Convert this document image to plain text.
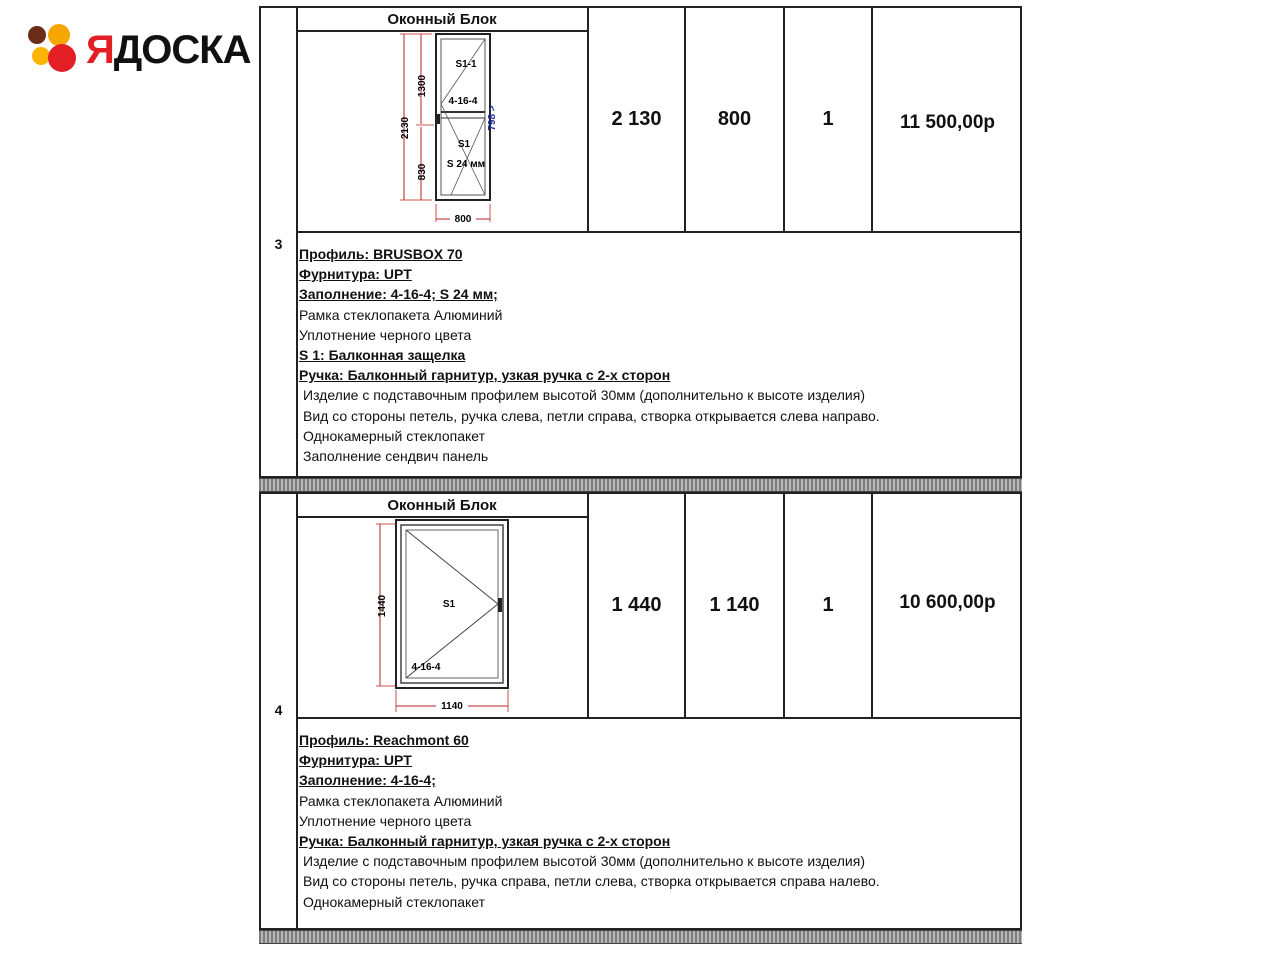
ЯДОСКА
3
Оконный Блок
2130
1300
830
S1-1
4-16-4
S1
S 24 мм
798 >
800
2 130	800	1	11 500,00р
Профиль: BRUSBOX 70
Фурнитура: UPT
Заполнение: 4-16-4; S 24 мм;
Рамка стеклопакета Алюминий
Уплотнение черного цвета
S 1: Балконная защелка
Ручка: Балконный гарнитур, узкая ручка с 2-х сторон
Изделие с подставочным профилем высотой 30мм (дополнительно к высоте изделия)
Вид со стороны петель, ручка слева, петли справа, створка открывается слева направо.
Однокамерный стеклопакет
Заполнение сендвич панель
4
Оконный Блок
1440	S1
4-16-4
1140
1 440	1 140	1	10 600,00р
Профиль: Reachmont 60
Фурнитура: UPT
Заполнение: 4-16-4;
Рамка стеклопакета Алюминий
Уплотнение черного цвета
Ручка: Балконный гарнитур, узкая ручка с 2-х сторон
Изделие с подставочным профилем высотой 30мм (дополнительно к высоте изделия)
Вид со стороны петель, ручка справа, петли слева, створка открывается справа налево.
Однокамерный стеклопакет
